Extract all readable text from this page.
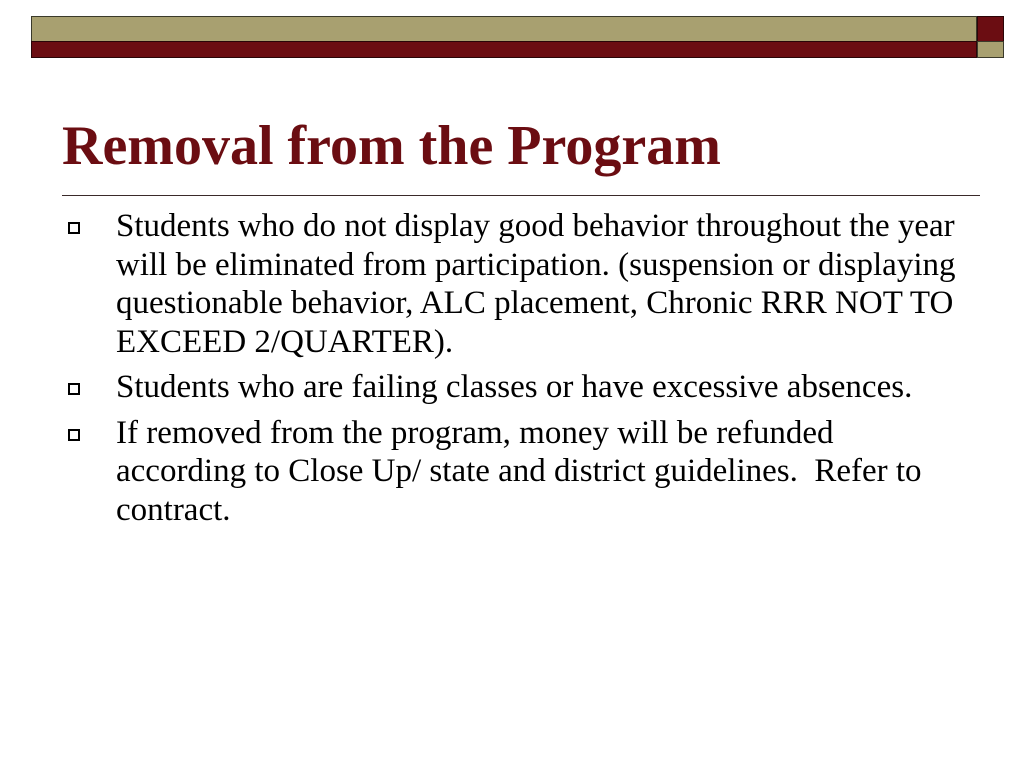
Removal from the Program
Students who do not display good behavior throughout the year will be eliminated from participation. (suspension or displaying questionable behavior, ALC placement, Chronic RRR NOT TO EXCEED 2/QUARTER).
Students who are failing classes or have excessive absences.
If removed from the program, money will be refunded according to Close Up/ state and district guidelines.  Refer to contract.
